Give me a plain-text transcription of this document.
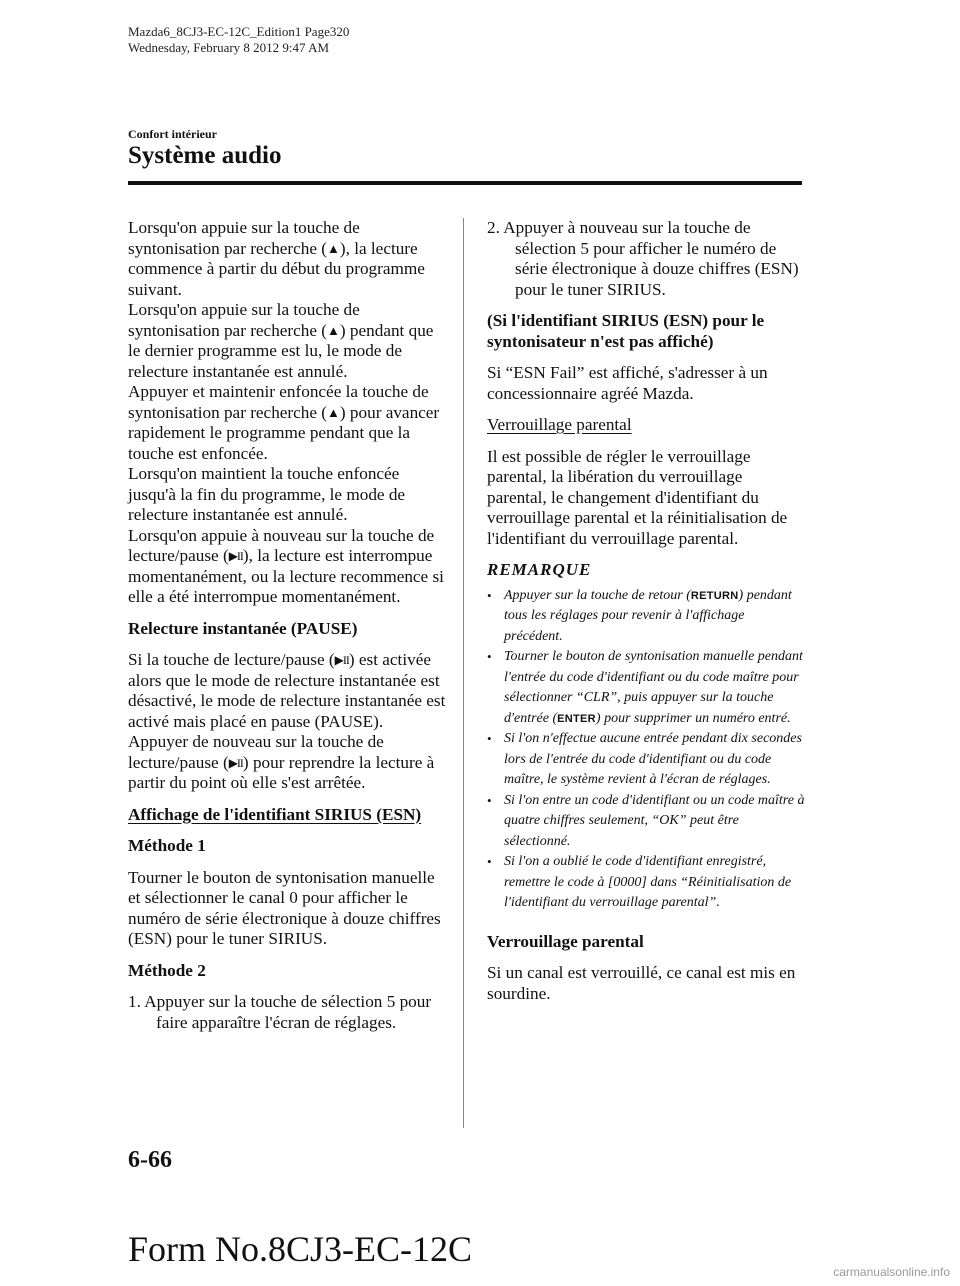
Mazda6_8CJ3-EC-12C_Edition1 Page320
Wednesday, February 8 2012 9:47 AM
Confort intérieur
Système audio

Lorsqu'on appuie sur la touche de syntonisation par recherche (▲), la lecture commence à partir du début du programme suivant.

Lorsqu'on appuie sur la touche de syntonisation par recherche (▲) pendant que le dernier programme est lu, le mode de relecture instantanée est annulé.

Appuyer et maintenir enfoncée la touche de syntonisation par recherche (▲) pour avancer rapidement le programme pendant que la touche est enfoncée.

Lorsqu'on maintient la touche enfoncée jusqu'à la fin du programme, le mode de relecture instantanée est annulé.

Lorsqu'on appuie à nouveau sur la touche de lecture/pause (▶II), la lecture est interrompue momentanément, ou la lecture recommence si elle a été interrompue momentanément.

Relecture instantanée (PAUSE)

Si la touche de lecture/pause (▶II) est activée alors que le mode de relecture instantanée est désactivé, le mode de relecture instantanée est activé mais placé en pause (PAUSE). Appuyer de nouveau sur la touche de lecture/pause (▶II) pour reprendre la lecture à partir du point où elle s'est arrêtée.

Affichage de l'identifiant SIRIUS (ESN)

Méthode 1

Tourner le bouton de syntonisation manuelle et sélectionner le canal 0 pour afficher le numéro de série électronique à douze chiffres (ESN) pour le tuner SIRIUS.

Méthode 2

1. Appuyer sur la touche de sélection 5 pour faire apparaître l'écran de réglages.

2. Appuyer à nouveau sur la touche de sélection 5 pour afficher le numéro de série électronique à douze chiffres (ESN) pour le tuner SIRIUS.

(Si l'identifiant SIRIUS (ESN) pour le syntonisateur n'est pas affiché)

Si “ESN Fail” est affiché, s'adresser à un concessionnaire agréé Mazda.

Verrouillage parental

Il est possible de régler le verrouillage parental, la libération du verrouillage parental, le changement d'identifiant du verrouillage parental et la réinitialisation de l'identifiant du verrouillage parental.

REMARQUE

• Appuyer sur la touche de retour (RETURN) pendant tous les réglages pour revenir à l'affichage précédent.
• Tourner le bouton de syntonisation manuelle pendant l'entrée du code d'identifiant ou du code maître pour sélectionner “CLR”, puis appuyer sur la touche d'entrée (ENTER) pour supprimer un numéro entré.
• Si l'on n'effectue aucune entrée pendant dix secondes lors de l'entrée du code d'identifiant ou du code maître, le système revient à l'écran de réglages.
• Si l'on entre un code d'identifiant ou un code maître à quatre chiffres seulement, “OK” peut être sélectionné.
• Si l'on a oublié le code d'identifiant enregistré, remettre le code à [0000] dans “Réinitialisation de l'identifiant du verrouillage parental”.

Verrouillage parental

Si un canal est verrouillé, ce canal est mis en sourdine.

6-66
Form No.8CJ3-EC-12C
carmanualsonline.info
